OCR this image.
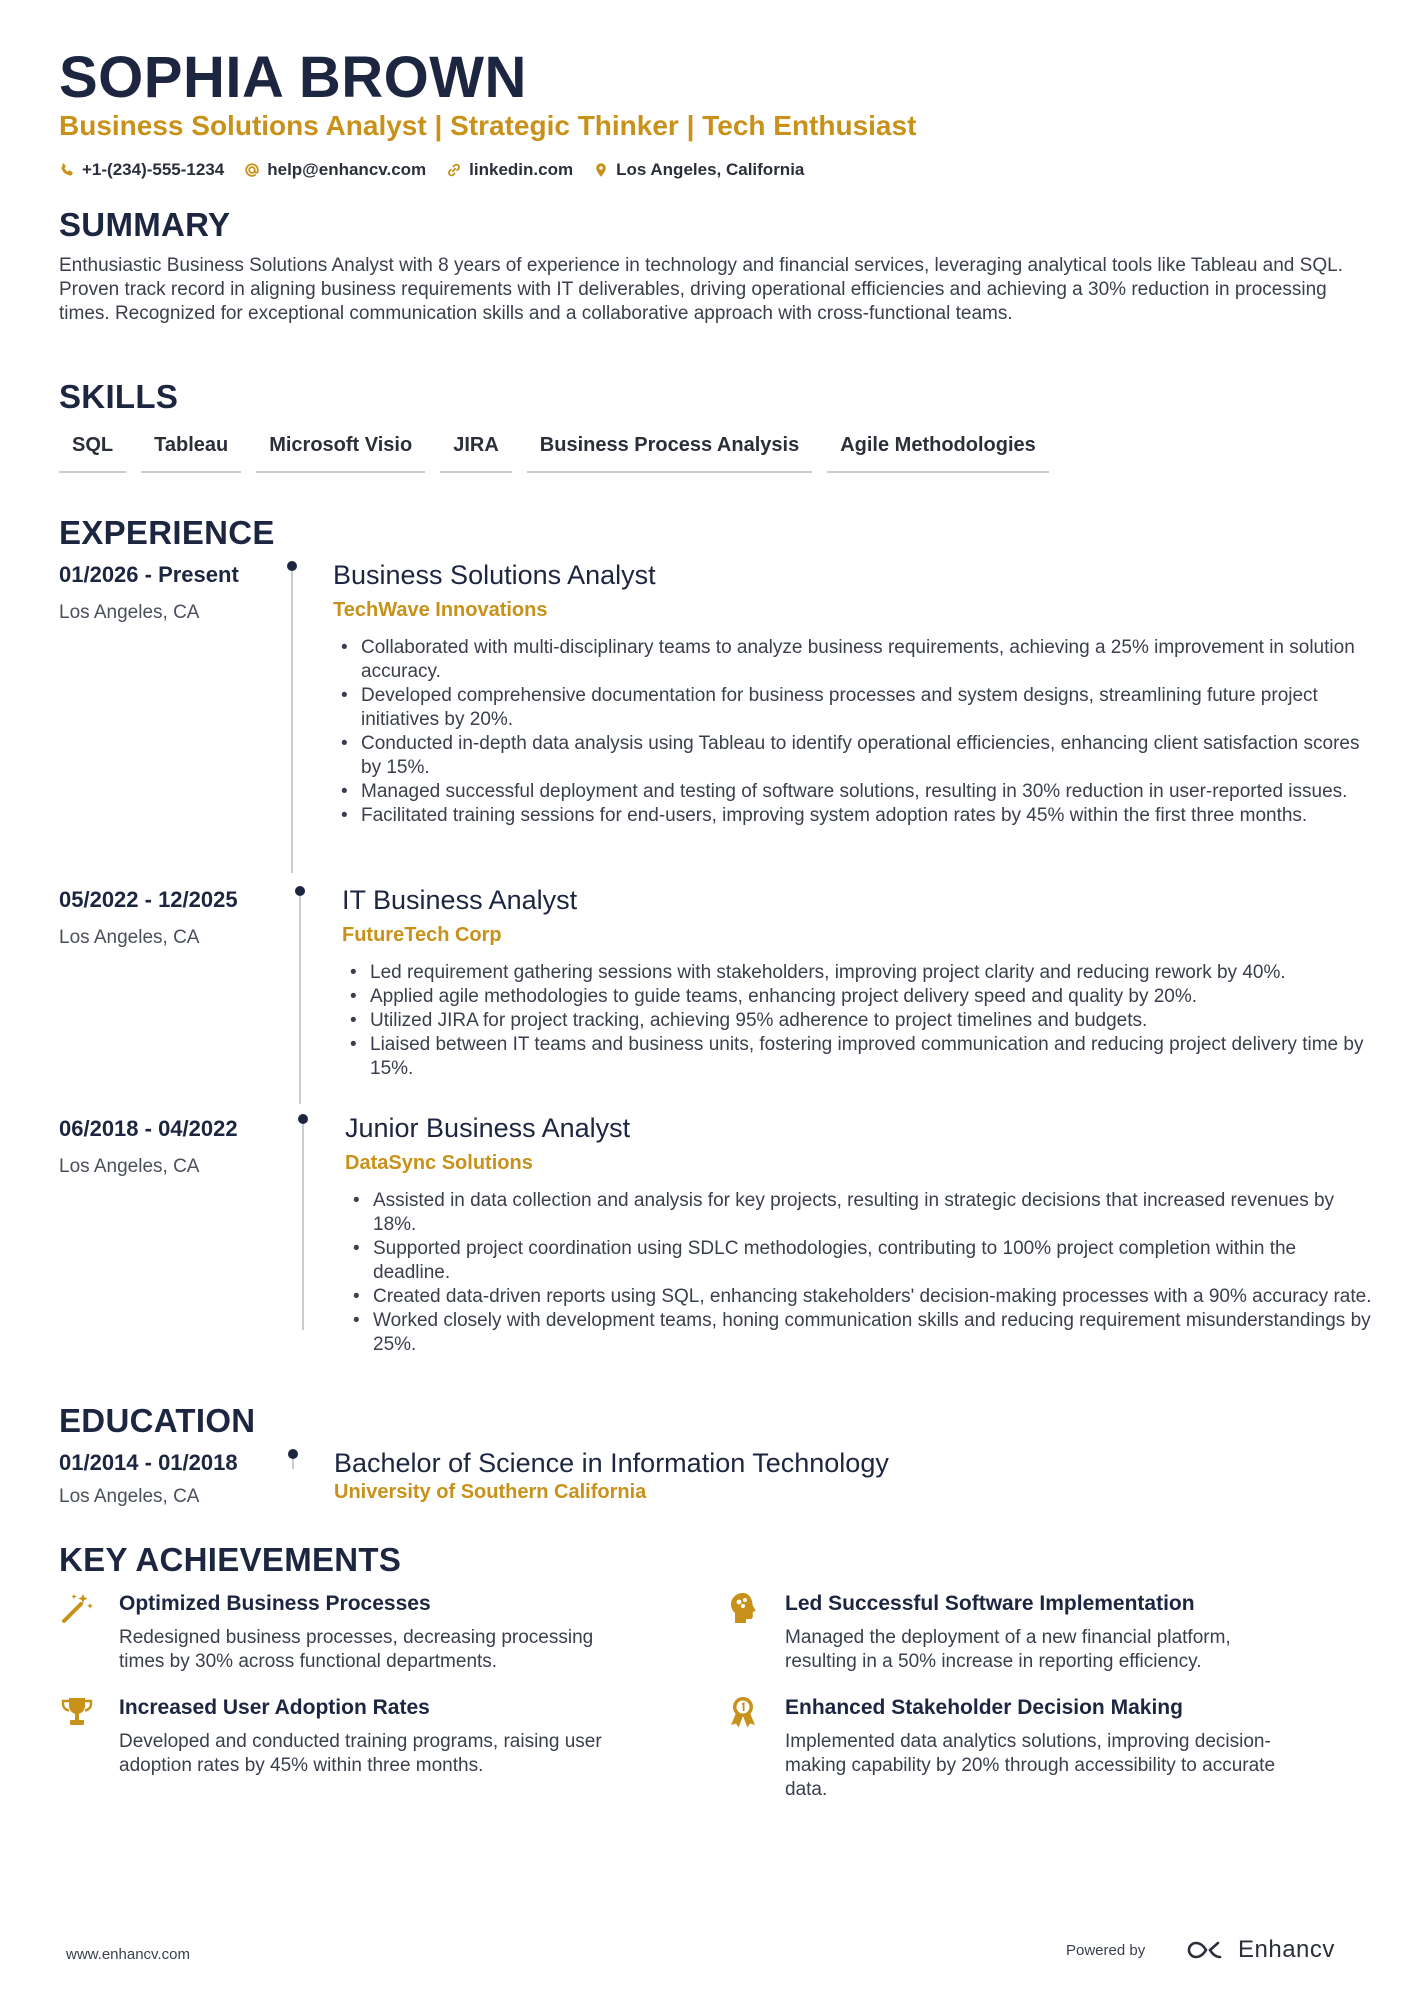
SOPHIA BROWN
Business Solutions Analyst | Strategic Thinker | Tech Enthusiast
+1-(234)-555-1234	help@enhancv.com	linkedin.com	Los Angeles, California
SUMMARY
Enthusiastic Business Solutions Analyst with 8 years of experience in technology and financial services, leveraging analytical tools like Tableau and SQL. Proven track record in aligning business requirements with IT deliverables, driving operational efficiencies and achieving a 30% reduction in processing times. Recognized for exceptional communication skills and a collaborative approach with cross-functional teams.
SKILLS
SQL	Tableau	Microsoft Visio	JIRA	Business Process Analysis	Agile Methodologies
EXPERIENCE
01/2026 - Present
Los Angeles, CA
Business Solutions Analyst
TechWave Innovations
• Collaborated with multi-disciplinary teams to analyze business requirements, achieving a 25% improvement in solution accuracy.
• Developed comprehensive documentation for business processes and system designs, streamlining future project initiatives by 20%.
• Conducted in-depth data analysis using Tableau to identify operational efficiencies, enhancing client satisfaction scores by 15%.
• Managed successful deployment and testing of software solutions, resulting in 30% reduction in user-reported issues.
• Facilitated training sessions for end-users, improving system adoption rates by 45% within the first three months.
05/2022 - 12/2025
Los Angeles, CA
IT Business Analyst
FutureTech Corp
• Led requirement gathering sessions with stakeholders, improving project clarity and reducing rework by 40%.
• Applied agile methodologies to guide teams, enhancing project delivery speed and quality by 20%.
• Utilized JIRA for project tracking, achieving 95% adherence to project timelines and budgets.
• Liaised between IT teams and business units, fostering improved communication and reducing project delivery time by 15%.
06/2018 - 04/2022
Los Angeles, CA
Junior Business Analyst
DataSync Solutions
• Assisted in data collection and analysis for key projects, resulting in strategic decisions that increased revenues by 18%.
• Supported project coordination using SDLC methodologies, contributing to 100% project completion within the deadline.
• Created data-driven reports using SQL, enhancing stakeholders' decision-making processes with a 90% accuracy rate.
• Worked closely with development teams, honing communication skills and reducing requirement misunderstandings by 25%.
EDUCATION
01/2014 - 01/2018
Los Angeles, CA
Bachelor of Science in Information Technology
University of Southern California
KEY ACHIEVEMENTS
Optimized Business Processes
Redesigned business processes, decreasing processing times by 30% across functional departments.
Led Successful Software Implementation
Managed the deployment of a new financial platform, resulting in a 50% increase in reporting efficiency.
Increased User Adoption Rates
Developed and conducted training programs, raising user adoption rates by 45% within three months.
Enhanced Stakeholder Decision Making
Implemented data analytics solutions, improving decision-making capability by 20% through accessibility to accurate data.
www.enhancv.com	Powered by	Enhancv
